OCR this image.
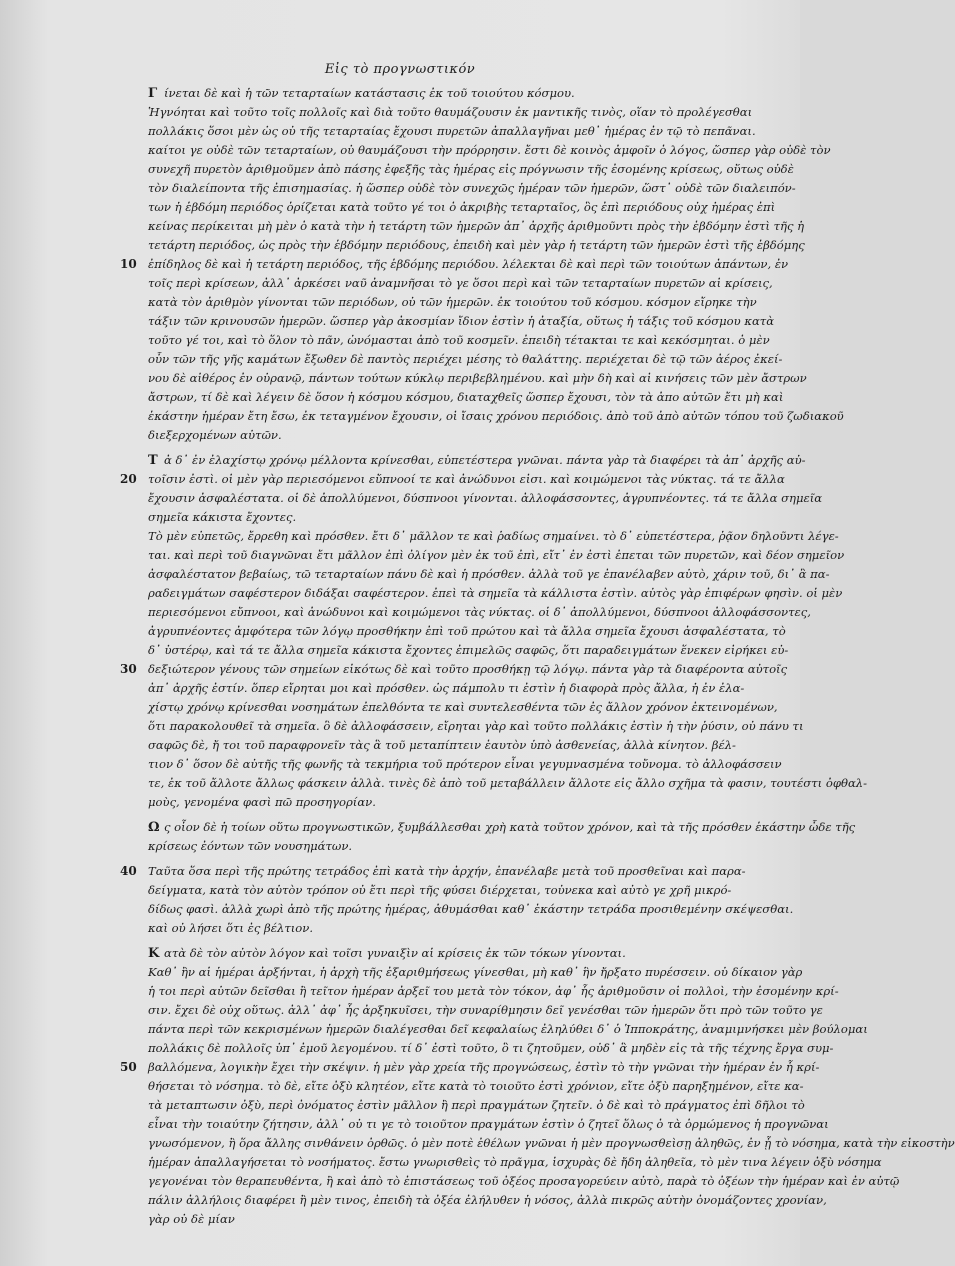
Εἰς τὸ προγνωστικόν
Γ ίνεται δὲ καὶ ἡ τῶν τεταρταίων κατάστασις ἐκ τοῦ τοιούτου κόσμου.
Ἡγνόηται καὶ τοῦτο τοῖς πολλοῖς καὶ διὰ τοῦτο θαυμάζουσιν ἐκ μαντικῆς τινὸς, οἵαν τὸ προλέγεσθαι
πολλάκις ὅσοι μὲν ὡς οὐ τῆς τεταρταίας ἔχουσι πυρετῶν ἀπαλλαγῆναι μεθ᾽ ἡμέρας ἐν τῷ τὸ πεπᾶναι.
καίτοι γε οὐδὲ τῶν τεταρταίων, οὐ θαυμάζουσι τὴν πρόρρησιν. ἔστι δὲ κοινὸς ἀμφοῖν ὁ λόγος, ὥσπερ γὰρ οὐδὲ τὸν
συνεχῆ πυρετὸν ἀριθμοῦμεν ἀπὸ πάσης ἐφεξῆς τὰς ἡμέρας εἰς πρόγνωσιν τῆς ἐσομένης κρίσεως, οὕτως οὐδὲ
τὸν διαλείποντα τῆς ἐπισημασίας. ἡ ὥσπερ οὐδὲ τὸν συνεχῶς ἡμέραν τῶν ἡμερῶν, ὥστ᾽ οὐδὲ τῶν διαλειπόν-
των ἡ ἑβδόμη περιόδος ὁρίζεται κατὰ τοῦτο γέ τοι ὁ ἀκριβὴς τεταρταῖος, ὃς ἐπὶ περιόδους οὐχ ἡμέρας ἐπὶ
κείνας περίκειται μὴ μὲν ὁ κατὰ τὴν ἡ τετάρτη τῶν ἡμερῶν ἀπ᾽ ἀρχῆς ἀριθμοῦντι πρὸς τὴν ἑβδόμην ἐστὶ τῆς ἡ
τετάρτη περιόδος, ὡς πρὸς τὴν ἑβδόμην περιόδους, ἐπειδὴ καὶ μὲν γὰρ ἡ τετάρτη τῶν ἡμερῶν ἐστὶ τῆς ἑβδόμης
ἐπίδηλος δὲ καὶ ἡ τετάρτη περιόδος, τῆς ἑβδόμης περιόδου. λέλεκται δὲ καὶ περὶ τῶν τοιούτων ἁπάντων, ἐν
10
τοῖς περὶ κρίσεων, ἀλλ᾽ ἀρκέσει ναῦ ἀναμνῆσαι τὸ γε ὅσοι περὶ καὶ τῶν τεταρταίων πυρετῶν αἱ κρίσεις,
κατὰ τὸν ἀριθμὸν γίνονται τῶν περιόδων, οὐ τῶν ἡμερῶν. ἐκ τοιούτου τοῦ κόσμου. κόσμον εἴρηκε τὴν
τάξιν τῶν κρινουσῶν ἡμερῶν. ὥσπερ γὰρ ἀκοσμίαν ἴδιον ἐστὶν ἡ ἀταξία, οὕτως ἡ τάξις τοῦ κόσμου κατὰ
τοῦτο γέ τοι, καὶ τὸ ὅλον τὸ πᾶν, ὠνόμασται ἀπὸ τοῦ κοσμεῖν. ἐπειδὴ τέτακται τε καὶ κεκόσμηται. ὁ μὲν
οὖν τῶν τῆς γῆς καμάτων ἔξωθεν δὲ παντὸς περιέχει μέσης τὸ θαλάττης. περιέχεται δὲ τῷ τῶν ἀέρος ἐκεί-
νου δὲ αἰθέρος ἐν οὐρανῷ, πάντων τούτων κύκλῳ περιβεβλημένου. καὶ μὴν δὴ καὶ αἱ κινήσεις τῶν μὲν ἄστρων
ἄστρων, τί δὲ καὶ λέγειν δὲ ὅσον ἡ κόσμου κόσμου, διαταχθεῖς ὥσπερ ἔχουσι, τὸν τὰ ἀπο αὐτῶν ἔτι μὴ καὶ
ἑκάστην ἡμέραν ἔτη ἔσω, ἐκ τεταγμένον ἔχουσιν, οἱ ἴσαις χρόνου περιόδοις. ἀπὸ τοῦ ἀπὸ αὐτῶν τόπου τοῦ ζωδιακοῦ
διεξερχομένων αὐτῶν.
Τ ἀ δ᾽ ἐν ἐλαχίστῳ χρόνῳ μέλλοντα κρίνεσθαι, εὐπετέστερα γνῶναι. πάντα γὰρ τὰ διαφέρει τὰ ἀπ᾽ ἀρχῆς αὐ-
τοῖσιν ἐστὶ. οἱ μὲν γὰρ περιεσόμενοι εὔπνοοί τε καὶ ἀνώδυνοι εἰσι. καὶ κοιμώμενοι τὰς νύκτας. τά τε ἄλλα
20
ἔχουσιν ἀσφαλέστατα. οἱ δὲ ἀπολλύμενοι, δύσπνοοι γίνονται. ἀλλοφάσσοντες, ἀγρυπνέοντες. τά τε ἄλλα σημεῖα
σημεῖα κάκιστα ἔχοντες.
Τὸ μὲν εὐπετῶς, ἔρρεθη καὶ πρόσθεν. ἔτι δ᾽ μᾶλλον τε καὶ ῥαδίως σημαίνει. τὸ δ᾽ εὐπετέστερα, ῥᾷον δηλοῦντι λέγε-
ται. καὶ περὶ τοῦ διαγνῶναι ἔτι μᾶλλον ἐπὶ ὀλίγον μὲν ἐκ τοῦ ἐπὶ, εἴτ᾽ ἐν ἐστὶ ἐπεται τῶν πυρετῶν, καὶ δέον σημεῖον
ἀσφαλέστατον βεβαίως, τῶ τεταρταίων πάνυ δὲ καὶ ἡ πρόσθεν. ἀλλὰ τοῦ γε ἐπανέλαβεν αὐτὸ, χάριν τοῦ, δι᾽ ἃ πα-
ραδειγμάτων σαφέστερον διδάξαι σαφέστερον. ἐπεὶ τὰ σημεῖα τὰ κάλλιστα ἐστὶν. αὐτὸς γὰρ ἐπιφέρων φησὶν. οἱ μὲν
περιεσόμενοι εὔπνοοι, καὶ ἀνώδυνοι καὶ κοιμώμενοι τὰς νύκτας. οἱ δ᾽ ἀπολλύμενοι, δύσπνοοι ἀλλοφάσσοντες,
ἀγρυπνέοντες ἀμφότερα τῶν λόγῳ προσθήκην ἐπὶ τοῦ πρώτου καὶ τὰ ἄλλα σημεῖα ἔχουσι ἀσφαλέστατα, τὸ
δ᾽ ὑστέρῳ, καὶ τά τε ἄλλα σημεῖα κάκιστα ἔχοντες ἐπιμελῶς σαφῶς, ὅτι παραδειγμάτων ἕνεκεν εἰρήκει εὐ-
δεξιώτερον γένους τῶν σημείων εἰκότως δὲ καὶ τοῦτο προσθήκῃ τῷ λόγῳ. πάντα γὰρ τὰ διαφέροντα αὐτοῖς
30
ἀπ᾽ ἀρχῆς ἐστίν. ὅπερ εἴρηται μοι καὶ πρόσθεν. ὡς πάμπολυ τι ἐστὶν ἡ διαφορὰ πρὸς ἄλλα, ἡ ἐν ἐλα-
χίστῳ χρόνῳ κρίνεσθαι νοσημάτων ἐπελθόντα τε καὶ συντελεσθέντα τῶν ἐς ἄλλον χρόνον ἐκτεινομένων,
ὅτι παρακολουθεῖ τὰ σημεῖα. ὃ δὲ ἀλλοφάσσειν, εἴρηται γὰρ καὶ τοῦτο πολλάκις ἐστὶν ἡ τὴν ῥύσιν, οὐ πάνυ τι
σαφῶς δὲ, ἤ τοι τοῦ παραφρονεῖν τὰς ἃ τοῦ μεταπίπτειν ἑαυτὸν ὑπὸ ἀσθενείας, ἀλλὰ κίνητον. βέλ-
τιον δ᾽ ὅσον δὲ αὐτῆς τῆς φωνῆς τὰ τεκμήρια τοῦ πρότερον εἶναι γεγυμνασμένα τοὔνομα. τὸ ἀλλοφάσσειν
τε, ἐκ τοῦ ἄλλοτε ἄλλως φάσκειν ἀλλὰ. τινὲς δὲ ἀπὸ τοῦ μεταβάλλειν ἄλλοτε εἰς ἄλλο σχῆμα τὰ φασιν, τουτέστι ὀφθαλ-
μοὺς, γενομένα φασὶ πῶ προσηγορίαν.
Ω ς οἷον δὲ ἡ τοίων οὕτω προγνωστικῶν, ξυμβάλλεσθαι χρὴ κατὰ τοῦτον χρόνον, καὶ τὰ τῆς πρόσθεν ἑκάστην ὧδε τῆς
κρίσεως ἐόντων τῶν νουσημάτων.
Ταῦτα ὅσα περὶ τῆς πρώτης τετράδος ἐπὶ κατὰ τὴν ἀρχήν, ἐπανέλαβε μετὰ τοῦ προσθεῖναι καὶ παρα-
40
δείγματα, κατὰ τὸν αὐτὸν τρόπον οὐ ἔτι περὶ τῆς φύσει διέρχεται, τοὐνεκα καὶ αὐτὸ γε χρῆ μικρό-
δίδως φασὶ. ἀλλὰ χωρὶ ἀπὸ τῆς πρώτης ἡμέρας, ἀθυμάσθαι καθ᾽ ἑκάστην τετράδα προσιθεμένην σκέψεσθαι.
καὶ οὐ λήσει ὅτι ἐς βέλτιον.
Κ ατὰ δὲ τὸν αὐτὸν λόγον καὶ τοῖσι γυναιξὶν αἱ κρίσεις ἐκ τῶν τόκων γίνονται.
Καθ᾽ ἢν αἱ ἡμέραι ἀρξήνται, ἡ ἀρχὴ τῆς ἐξαριθμήσεως γίνεσθαι, μὴ καθ᾽ ἣν ἤρξατο πυρέσσειν. οὐ δίκαιον γὰρ
ἡ τοι περὶ αὐτῶν δεῖσθαι ἢ τεῖτον ἡμέραν ἀρξεῖ του μετὰ τὸν τόκον, ἀφ᾽ ἧς ἀριθμοῦσιν οἱ πολλοὶ, τὴν ἐσομένην κρί-
σιν. ἔχει δὲ οὐχ οὕτως. ἀλλ᾽ ἀφ᾽ ἧς ἀρξηκυῖσει, τὴν συναρίθμησιν δεῖ γενέσθαι τῶν ἡμερῶν ὅτι πρὸ τῶν τοῦτο γε
πάντα περὶ τῶν κεκρισμένων ἡμερῶν διαλέγεσθαι δεῖ κεφαλαίως ἐληλύθει δ᾽ ὁ Ἱπποκράτης, ἀναμιμνήσκει μὲν βούλομαι
πολλάκις δὲ πολλοῖς ὑπ᾽ ἐμοῦ λεγομένου. τί δ᾽ ἐστὶ τοῦτο, ὃ τι ζητοῦμεν, οὐδ᾽ ἃ μηδὲν εἰς τὰ τῆς τέχνης ἔργα συμ-
βαλλόμενα, λογικὴν ἔχει τὴν σκέψιν. ἡ μὲν γὰρ χρεία τῆς προγνώσεως, ἐστὶν τὸ τὴν γνῶναι τὴν ἡμέραν ἐν ἧ κρί-
50
θήσεται τὸ νόσημα. τὸ δὲ, εἴτε ὀξὺ κλητέον, εἴτε κατὰ τὸ τοιοῦτο ἐστὶ χρόνιον, εἴτε ὀξὺ παρηξημένον, εἴτε κα-
τὰ μεταπτωσιν ὀξὺ, περὶ ὀνόματος ἐστὶν μᾶλλον ἢ περὶ πραγμάτων ζητεῖν. ὁ δὲ καὶ τὸ πράγματος ἐπὶ δῆλοι τὸ
εἶναι τὴν τοιαύτην ζήτησιν, ἀλλ᾽ οὐ τι γε τὸ τοιοῦτον πραγμάτων ἐστὶν ὁ ζητεῖ ὅλως ὁ τὰ ὁρμώμενος ἡ προγνῶναι
γνωσόμενον, ἢ ὅρα ἄλλης σινθάνειν ὀρθῶς. ὁ μὲν ποτὲ ἐθέλων γνῶναι ἡ μὲν προγνωσθεὶσῃ ἀληθῶς, ἐν ᾗ τὸ νόσημα, κατὰ τὴν εἰκοστὴν
ἡμέραν ἀπαλλαγήσεται τὸ νοσήματος. ἔστω γνωρισθεὶς τὸ πρᾶγμα, ἰσχυρὰς δὲ ἤδη ἀληθεῖα, τὸ μὲν τινα λέγειν ὀξὺ νόσημα
γεγονέναι τὸν θεραπευθέντα, ἢ καὶ ἀπὸ τὸ ἐπιστάσεως τοῦ ὀξέος προσαγορεύειν αὐτὸ, παρὰ τὸ ὀξέων τὴν ἡμέραν καὶ ἐν αὐτῷ
πάλιν ἀλλήλοις διαφέρει ἢ μὲν τινος, ἐπειδὴ τὰ ὀξέα ἐλήλυθεν ἡ νόσος, ἀλλὰ πικρῶς αὐτὴν ὀνομάζοντες χρονίαν,
γὰρ οὐ δὲ μίαν
